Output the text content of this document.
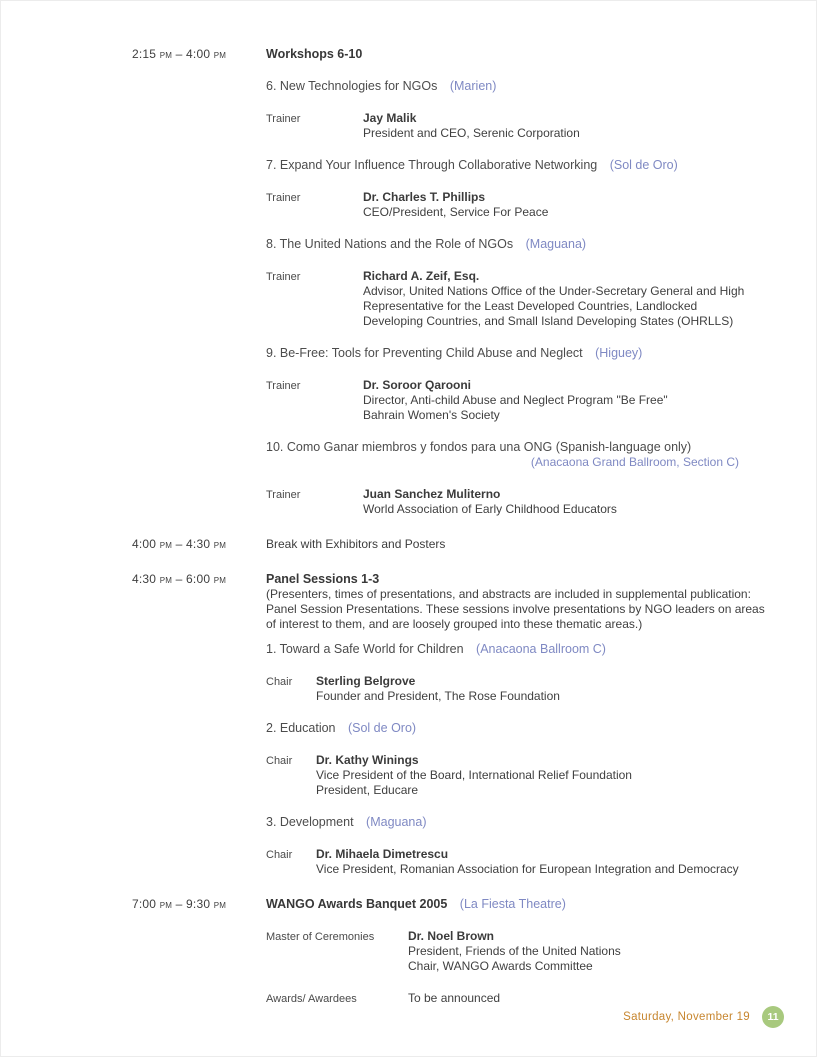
2:15 pm – 4:00 pm	Workshops 6-10
6. New Technologies for NGOs (Marien)
Trainer	Jay Malik
President and CEO, Serenic Corporation
7. Expand Your Influence Through Collaborative Networking (Sol de Oro)
Trainer	Dr. Charles T. Phillips
CEO/President, Service For Peace
8. The United Nations and the Role of NGOs (Maguana)
Trainer	Richard A. Zeif, Esq.
Advisor, United Nations Office of the Under-Secretary General and High
Representative for the Least Developed Countries, Landlocked
Developing Countries, and Small Island Developing States (OHRLLS)
9. Be-Free: Tools for Preventing Child Abuse and Neglect (Higuey)
Trainer	Dr. Soroor Qarooni
Director, Anti-child Abuse and Neglect Program "Be Free"
Bahrain Women's Society
10. Como Ganar miembros y fondos para una ONG (Spanish-language only)
(Anacaona Grand Ballroom, Section C)
Trainer	Juan Sanchez Muliterno
World Association of Early Childhood Educators
4:00 pm – 4:30 pm	Break with Exhibitors and Posters
4:30 pm – 6:00 pm	Panel Sessions 1-3
(Presenters, times of presentations, and abstracts are included in supplemental publication:
Panel Session Presentations. These sessions involve presentations by NGO leaders on areas
of interest to them, and are loosely grouped into these thematic areas.)
1. Toward a Safe World for Children (Anacaona Ballroom C)
Chair	Sterling Belgrove
Founder and President, The Rose Foundation
2. Education (Sol de Oro)
Chair	Dr. Kathy Winings
Vice President of the Board, International Relief Foundation
President, Educare
3. Development (Maguana)
Chair	Dr. Mihaela Dimetrescu
Vice President, Romanian Association for European Integration and Democracy
7:00 pm – 9:30 pm	WANGO Awards Banquet 2005 (La Fiesta Theatre)
Master of Ceremonies	Dr. Noel Brown
President, Friends of the United Nations
Chair, WANGO Awards Committee
Awards/ Awardees	To be announced
Saturday, November 19	11
